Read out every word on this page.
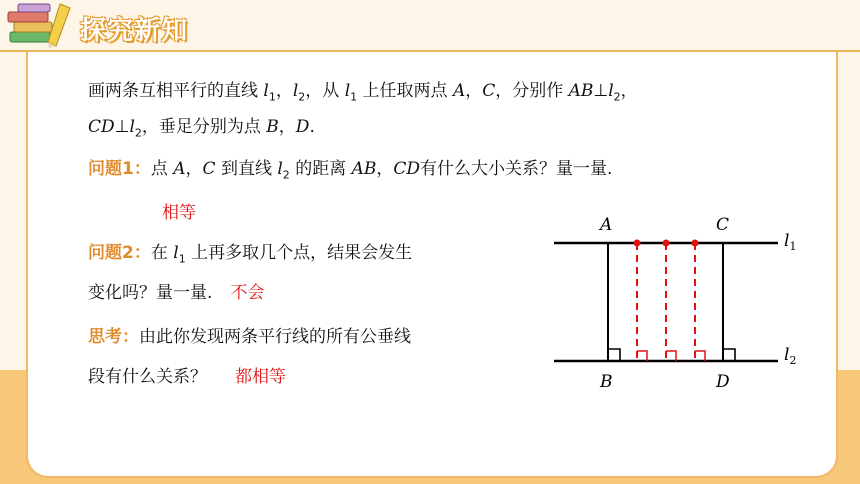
探究新知
画两条互相平行的直线 $l_1$，$l_2$，从 $l_1$ 上任取两点 A，C，分别作 $AB\perp l_2$，
$CD\perp l_2$，垂足分别为点 B，D.
问题1：点 A，C 到直线 $l_2$ 的距离 AB，CD有什么大小关系？量一量.
相等
问题2：在 $l_1$ 上再多取几个点，结果会发生
变化吗？量一量. 不会
思考：由此你发现两条平行线的所有公垂线
段有什么关系？ 都相等
A	C
B	D
$l_1$
$l_2$
